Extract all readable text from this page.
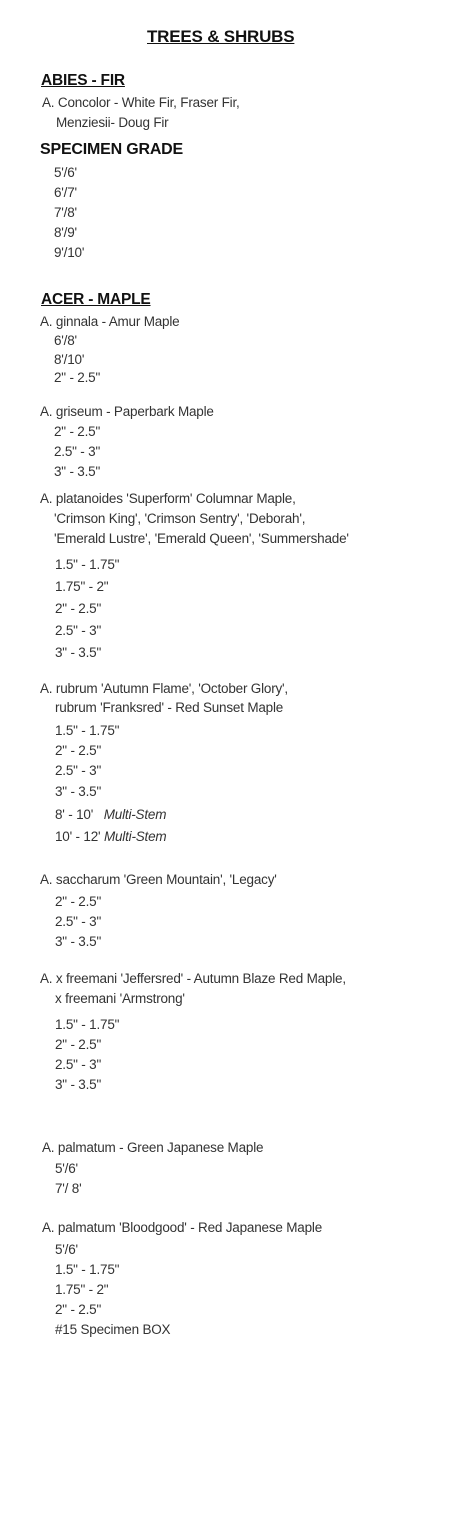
TREES & SHRUBS
ABIES - FIR
A. Concolor - White Fir, Fraser Fir,
Menziesii- Doug Fir
SPECIMEN GRADE
5'/6'
6'/7'
7'/8'
8'/9'
9'/10'
ACER - MAPLE
A. ginnala - Amur Maple
6'/8'
8'/10'
2" - 2.5"
A. griseum - Paperbark Maple
2" - 2.5"
2.5" - 3"
3" - 3.5"
A. platanoides 'Superform' Columnar Maple,
'Crimson King', 'Crimson Sentry', 'Deborah',
'Emerald Lustre', 'Emerald Queen', 'Summershade'
1.5" - 1.75"
1.75" - 2"
2" - 2.5"
2.5" - 3"
3" - 3.5"
A. rubrum 'Autumn Flame', 'October Glory',
rubrum 'Franksred' - Red Sunset Maple
1.5" - 1.75"
2" - 2.5"
2.5" - 3"
3" - 3.5"
8' - 10' Multi-Stem
10' - 12' Multi-Stem
A. saccharum 'Green Mountain', 'Legacy'
2" - 2.5"
2.5" - 3"
3" - 3.5"
A. x freemani 'Jeffersred' - Autumn Blaze Red Maple,
x freemani 'Armstrong'
1.5" - 1.75"
2" - 2.5"
2.5" - 3"
3" - 3.5"
A. palmatum - Green Japanese Maple
5'/6'
7'/ 8'
A. palmatum 'Bloodgood' - Red Japanese Maple
5'/6'
1.5" - 1.75"
1.75" - 2"
2" - 2.5"
#15 Specimen BOX
